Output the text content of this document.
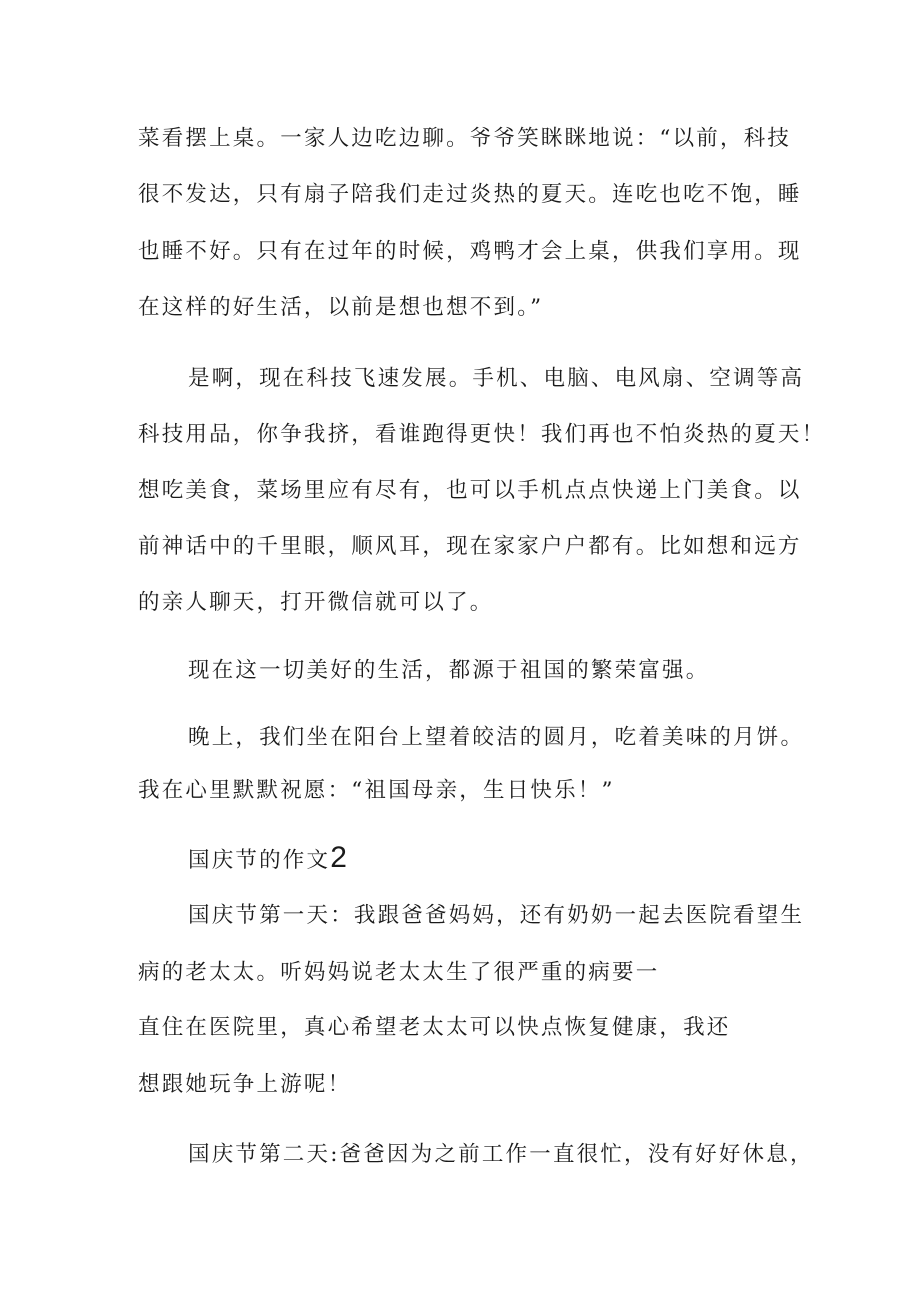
菜看摆上桌。一家人边吃边聊。爷爷笑眯眯地说：“以前，科技
很不发达，只有扇子陪我们走过炎热的夏天。连吃也吃不饱，睡
也睡不好。只有在过年的时候，鸡鸭才会上桌，供我们享用。现
在这样的好生活，以前是想也想不到。”
是啊，现在科技飞速发展。手机、电脑、电风扇、空调等高
科技用品，你争我挤，看谁跑得更快！我们再也不怕炎热的夏天！
想吃美食，菜场里应有尽有，也可以手机点点快递上门美食。以
前神话中的千里眼，顺风耳，现在家家户户都有。比如想和远方
的亲人聊天，打开微信就可以了。
现在这一切美好的生活，都源于祖国的繁荣富强。
晚上，我们坐在阳台上望着皎洁的圆月，吃着美味的月饼。
我在心里默默祝愿：“祖国母亲，生日快乐！”
国庆节的作文2
国庆节第一天：我跟爸爸妈妈，还有奶奶一起去医院看望生
病的老太太。听妈妈说老太太生了很严重的病要一
直住在医院里，真心希望老太太可以快点恢复健康，我还
想跟她玩争上游呢！
国庆节第二天:爸爸因为之前工作一直很忙，没有好好休息，
